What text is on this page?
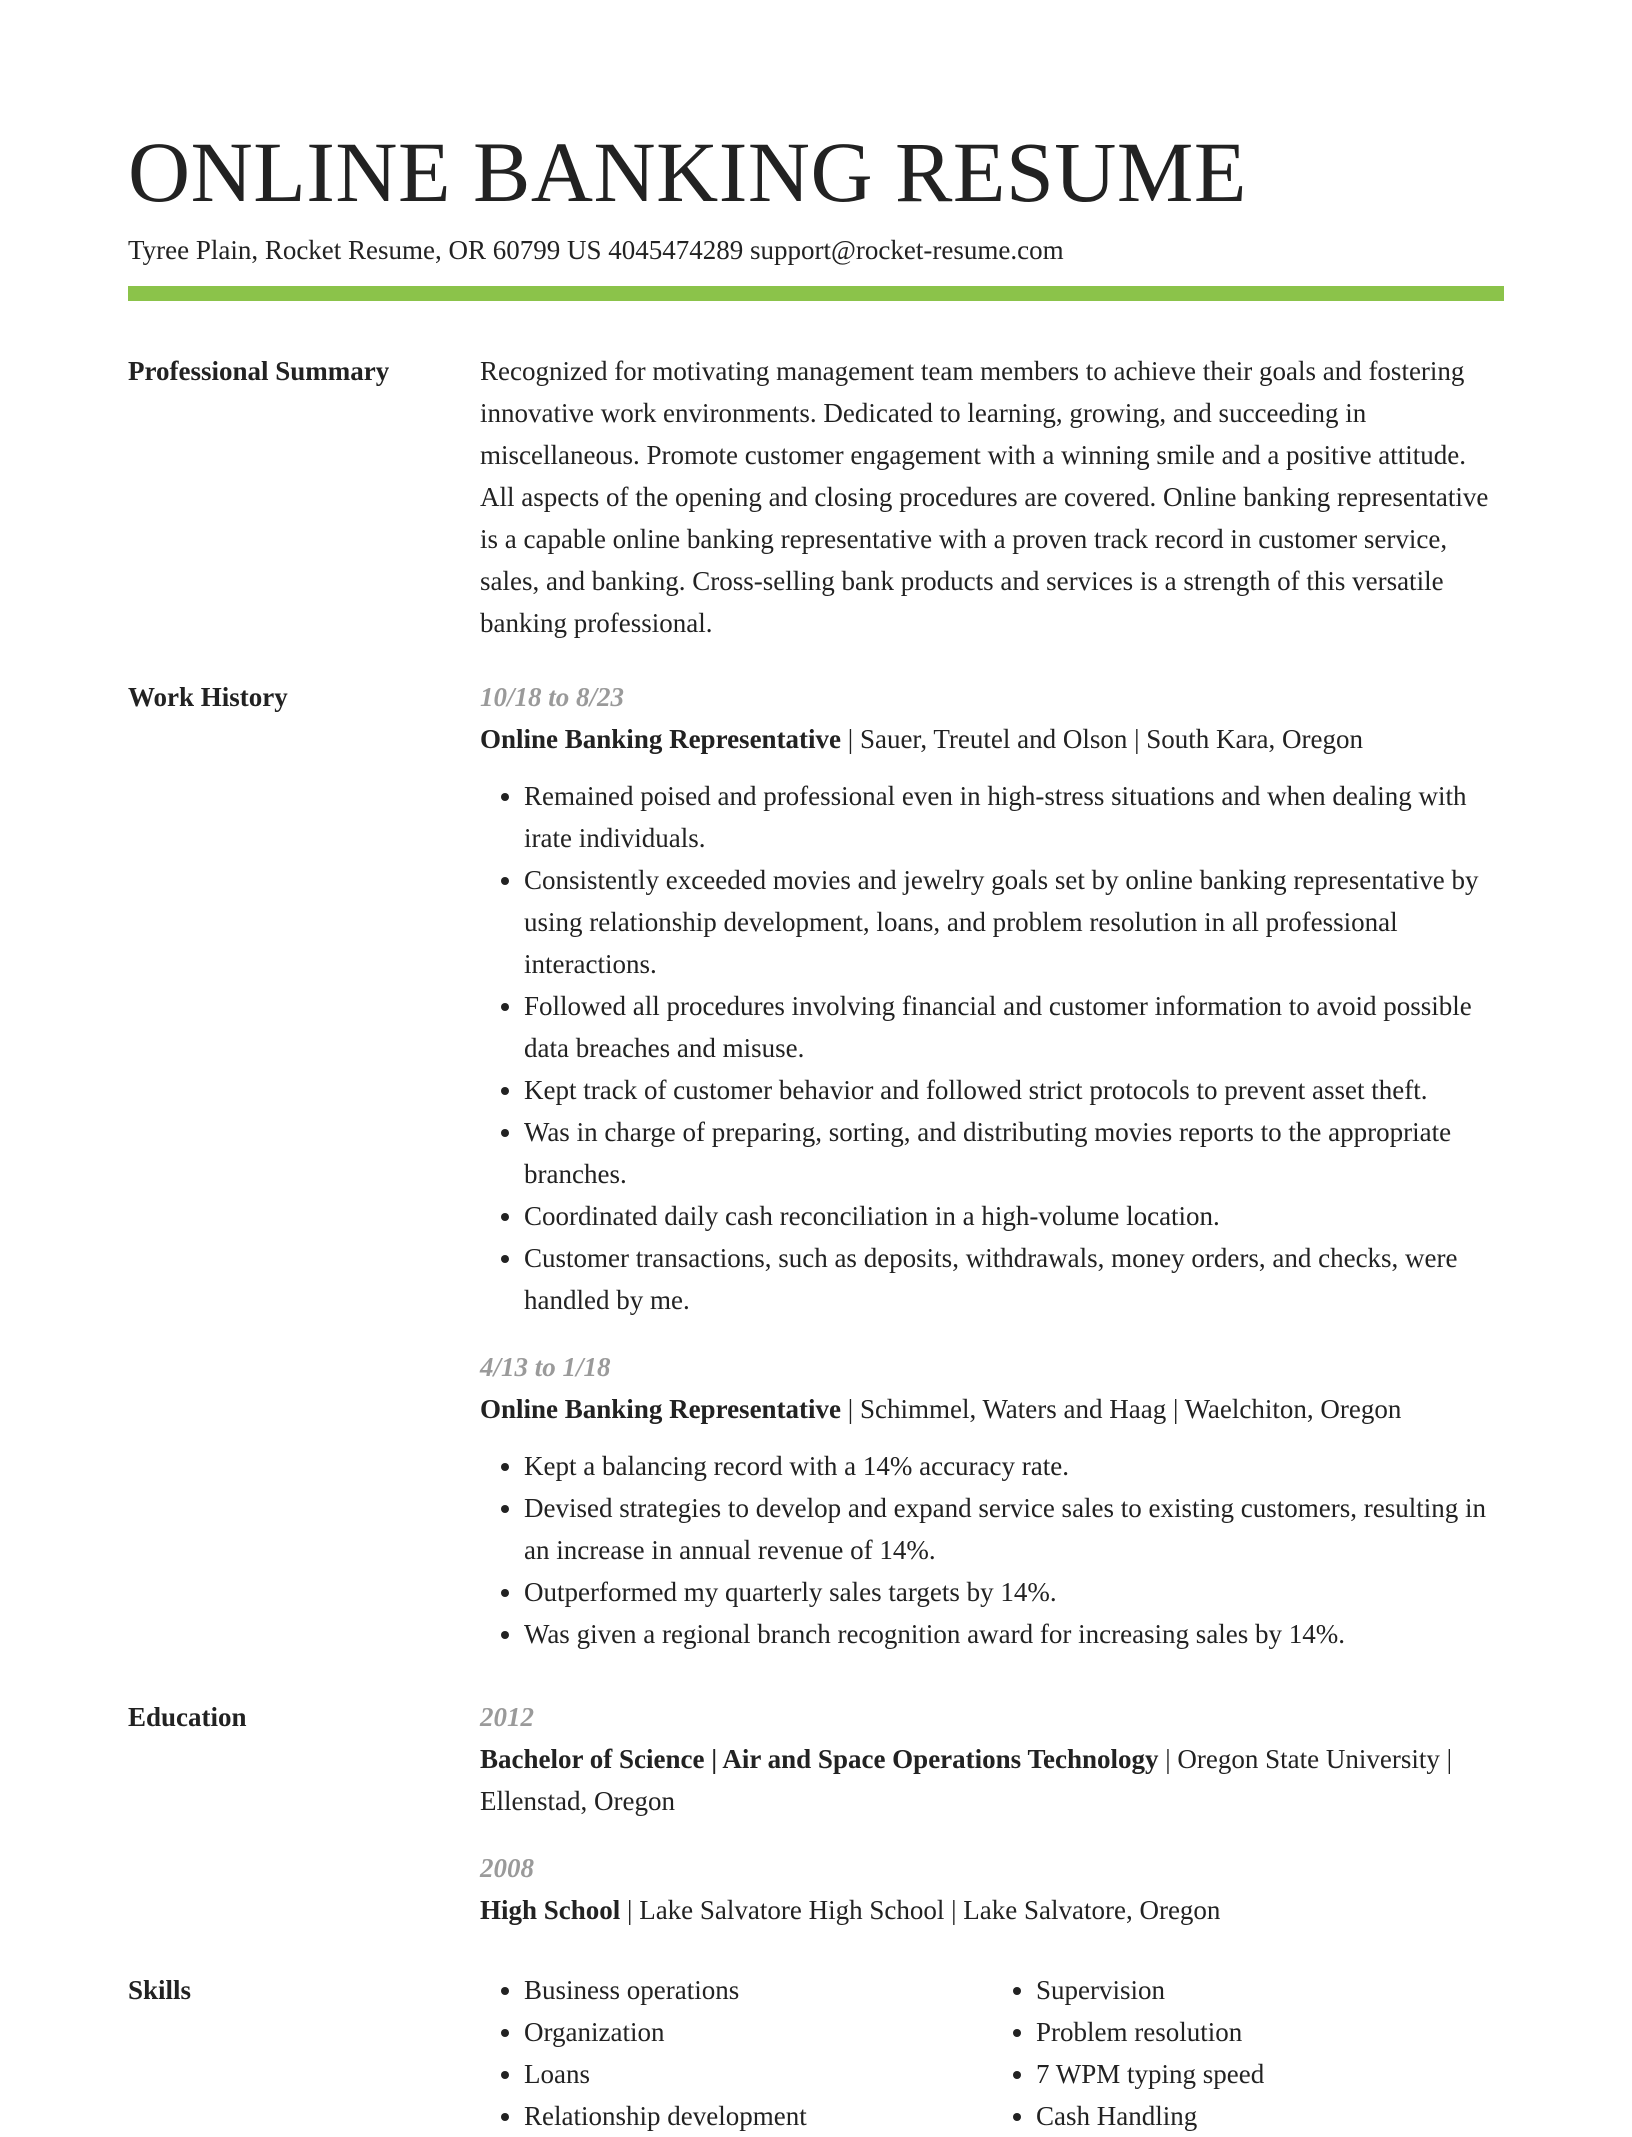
ONLINE BANKING RESUME
Tyree Plain, Rocket Resume, OR 60799 US 4045474289 support@rocket-resume.com
Professional Summary	Recognized for motivating management team members to achieve their goals and fostering innovative work environments. Dedicated to learning, growing, and succeeding in miscellaneous. Promote customer engagement with a winning smile and a positive attitude. All aspects of the opening and closing procedures are covered. Online banking representative is a capable online banking representative with a proven track record in customer service, sales, and banking. Cross-selling bank products and services is a strength of this versatile banking professional.

Work History	10/18 to 8/23

Online Banking Representative | Sauer, Treutel and Olson | South Kara, Oregon

• Remained poised and professional even in high-stress situations and when dealing with irate individuals.
• Consistently exceeded movies and jewelry goals set by online banking representative by using relationship development, loans, and problem resolution in all professional interactions.
• Followed all procedures involving financial and customer information to avoid possible data breaches and misuse.
• Kept track of customer behavior and followed strict protocols to prevent asset theft.
• Was in charge of preparing, sorting, and distributing movies reports to the appropriate branches.
• Coordinated daily cash reconciliation in a high-volume location.
• Customer transactions, such as deposits, withdrawals, money orders, and checks, were handled by me.

4/13 to 1/18

Online Banking Representative | Schimmel, Waters and Haag | Waelchiton, Oregon

• Kept a balancing record with a 14% accuracy rate.
• Devised strategies to develop and expand service sales to existing customers, resulting in an increase in annual revenue of 14%.
• Outperformed my quarterly sales targets by 14%.
• Was given a regional branch recognition award for increasing sales by 14%.
Education	2012

Bachelor of Science | Air and Space Operations Technology | Oregon State University | Ellenstad, Oregon

2008

High School | Lake Salvatore High School | Lake Salvatore, Oregon

Skills
•	Business operations
• Organization
• Loans
• Relationship development
• Supervision
• Problem resolution
• 7 WPM typing speed
• Cash Handling
